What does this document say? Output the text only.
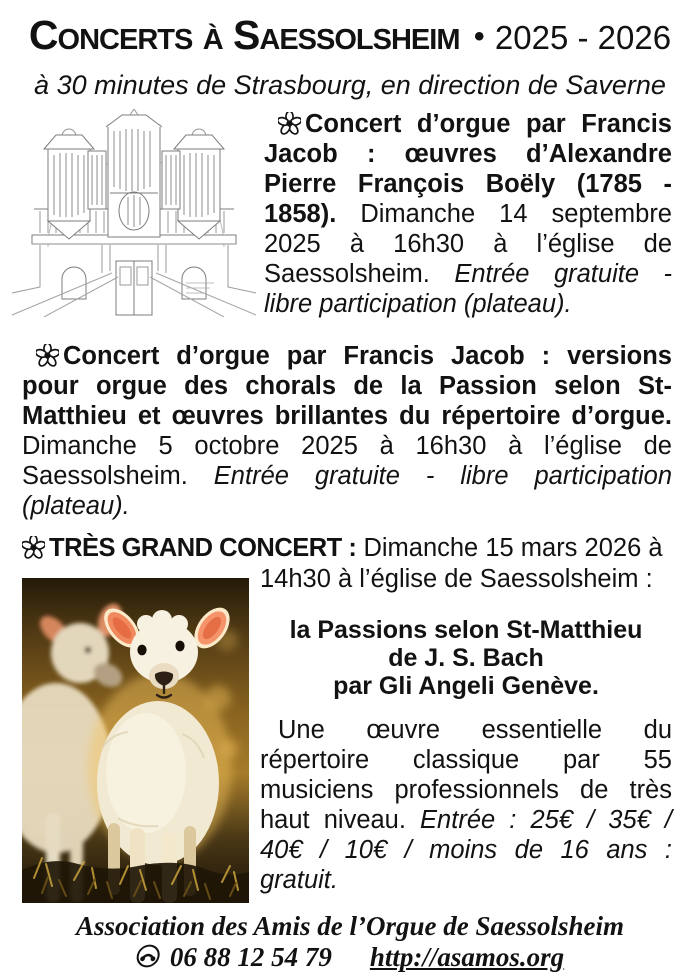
Concerts à Saessolsheim • 2025 - 2026
à 30 minutes de Strasbourg, en direction de Saverne

Concert d’orgue par Francis Jacob : œuvres d’Alexandre Pierre François Boëly (1785 - 1858). Dimanche 14 septembre 2025 à 16h30 à l’église de Saessolsheim. Entrée gratuite - libre participation (plateau).

Concert d’orgue par Francis Jacob : versions pour orgue des chorals de la Passion selon St-Matthieu et œuvres brillantes du répertoire d’orgue. Dimanche 5 octobre 2025 à 16h30 à l’église de Saessolsheim. Entrée gratuite - libre participation (plateau).

TRÈS GRAND CONCERT : Dimanche 15 mars 2026 à

14h30 à l’église de Saessolsheim :

la Passions selon St-Matthieu
de J. S. Bach
par Gli Angeli Genève.

Une œuvre essentielle du répertoire classique par 55 musiciens professionnels de très haut niveau. Entrée : 25€ / 35€ / 40€ / 10€ / moins de 16 ans : gratuit.

Association des Amis de l’Orgue de Saessolsheim
06 88 12 54 79 http://asamos.org
